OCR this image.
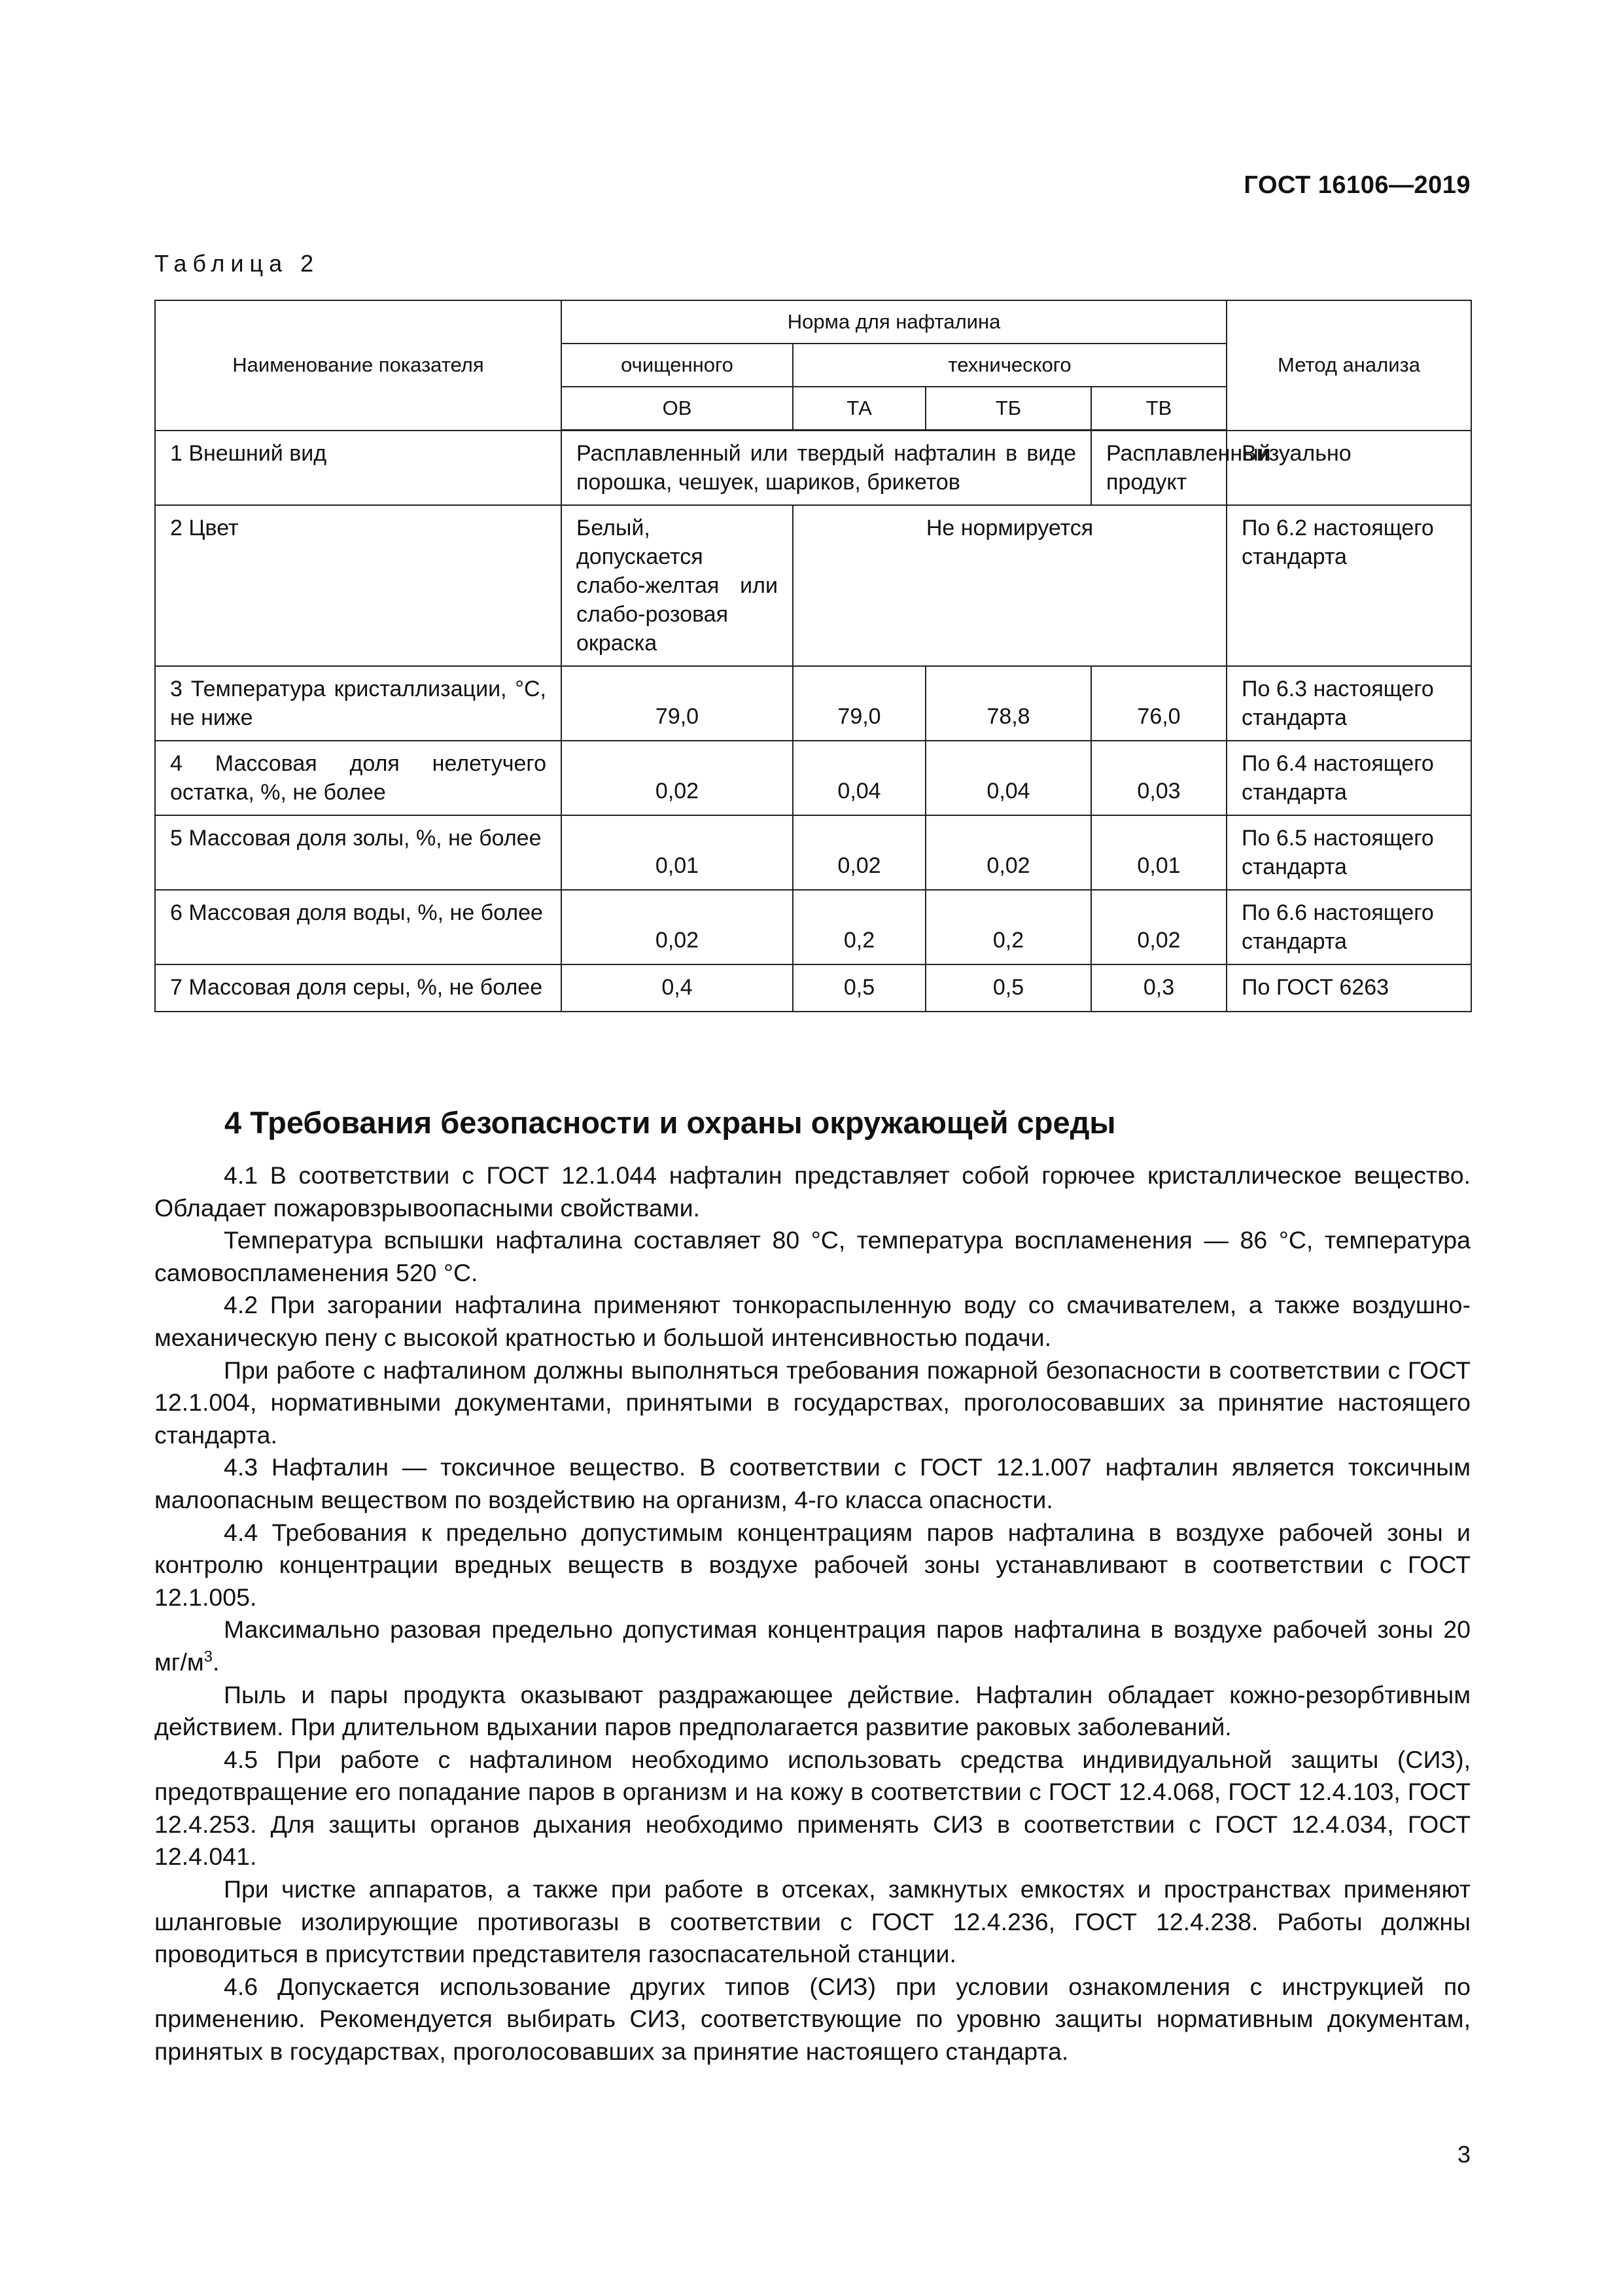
ГОСТ 16106—2019
Таблица 2
Наименование показателя	Норма для нафталина				Метод анализа
	очищенного	технического			
	ОВ	ТА	ТБ	ТВ	
1 Внешний вид	Расплавленный или твердый нафталин в виде порошка, чешуек, шариков, брикетов			Расплавленный продукт	Визуально
2 Цвет	Белый, допускается слабо-желтая или слабо-розовая окраска	Не нормируется			По 6.2 настоящего стандарта
3 Температура кристаллизации, °С, не ниже	79,0	79,0	78,8	76,0	По 6.3 настоящего стандарта
4 Массовая доля нелетучего остатка, %, не более	0,02	0,04	0,04	0,03	По 6.4 настоящего стандарта
5 Массовая доля золы, %, не более	0,01	0,02	0,02	0,01	По 6.5 настоящего стандарта
6 Массовая доля воды, %, не более	0,02	0,2	0,2	0,02	По 6.6 настоящего стандарта
7 Массовая доля серы, %, не более	0,4	0,5	0,5	0,3	По ГОСТ 6263
4 Требования безопасности и охраны окружающей среды

4.1 В соответствии с ГОСТ 12.1.044 нафталин представляет собой горючее кристаллическое вещество. Обладает пожаровзрывоопасными свойствами.

Температура вспышки нафталина составляет 80 °С, температура воспламенения — 86 °С, температура самовоспламенения 520 °С.

4.2 При загорании нафталина применяют тонкораспыленную воду со смачивателем, а также воздушно-механическую пену с высокой кратностью и большой интенсивностью подачи.

При работе с нафталином должны выполняться требования пожарной безопасности в соответствии с ГОСТ 12.1.004, нормативными документами, принятыми в государствах, проголосовавших за принятие настоящего стандарта.

4.3 Нафталин — токсичное вещество. В соответствии с ГОСТ 12.1.007 нафталин является токсичным малоопасным веществом по воздействию на организм, 4-го класса опасности.

4.4 Требования к предельно допустимым концентрациям паров нафталина в воздухе рабочей зоны и контролю концентрации вредных веществ в воздухе рабочей зоны устанавливают в соответствии с ГОСТ 12.1.005.

Максимально разовая предельно допустимая концентрация паров нафталина в воздухе рабочей зоны 20 $мг/м^3$.

Пыль и пары продукта оказывают раздражающее действие. Нафталин обладает кожно-резорбтивным действием. При длительном вдыхании паров предполагается развитие раковых заболеваний.

4.5 При работе с нафталином необходимо использовать средства индивидуальной защиты (СИЗ), предотвращение его попадание паров в организм и на кожу в соответствии с ГОСТ 12.4.068, ГОСТ 12.4.103, ГОСТ 12.4.253. Для защиты органов дыхания необходимо применять СИЗ в соответствии с ГОСТ 12.4.034, ГОСТ 12.4.041.

При чистке аппаратов, а также при работе в отсеках, замкнутых емкостях и пространствах применяют шланговые изолирующие противогазы в соответствии с ГОСТ 12.4.236, ГОСТ 12.4.238. Работы должны проводиться в присутствии представителя газоспасательной станции.

4.6 Допускается использование других типов (СИЗ) при условии ознакомления с инструкцией по применению. Рекомендуется выбирать СИЗ, соответствующие по уровню защиты нормативным документам, принятых в государствах, проголосовавших за принятие настоящего стандарта.

3
